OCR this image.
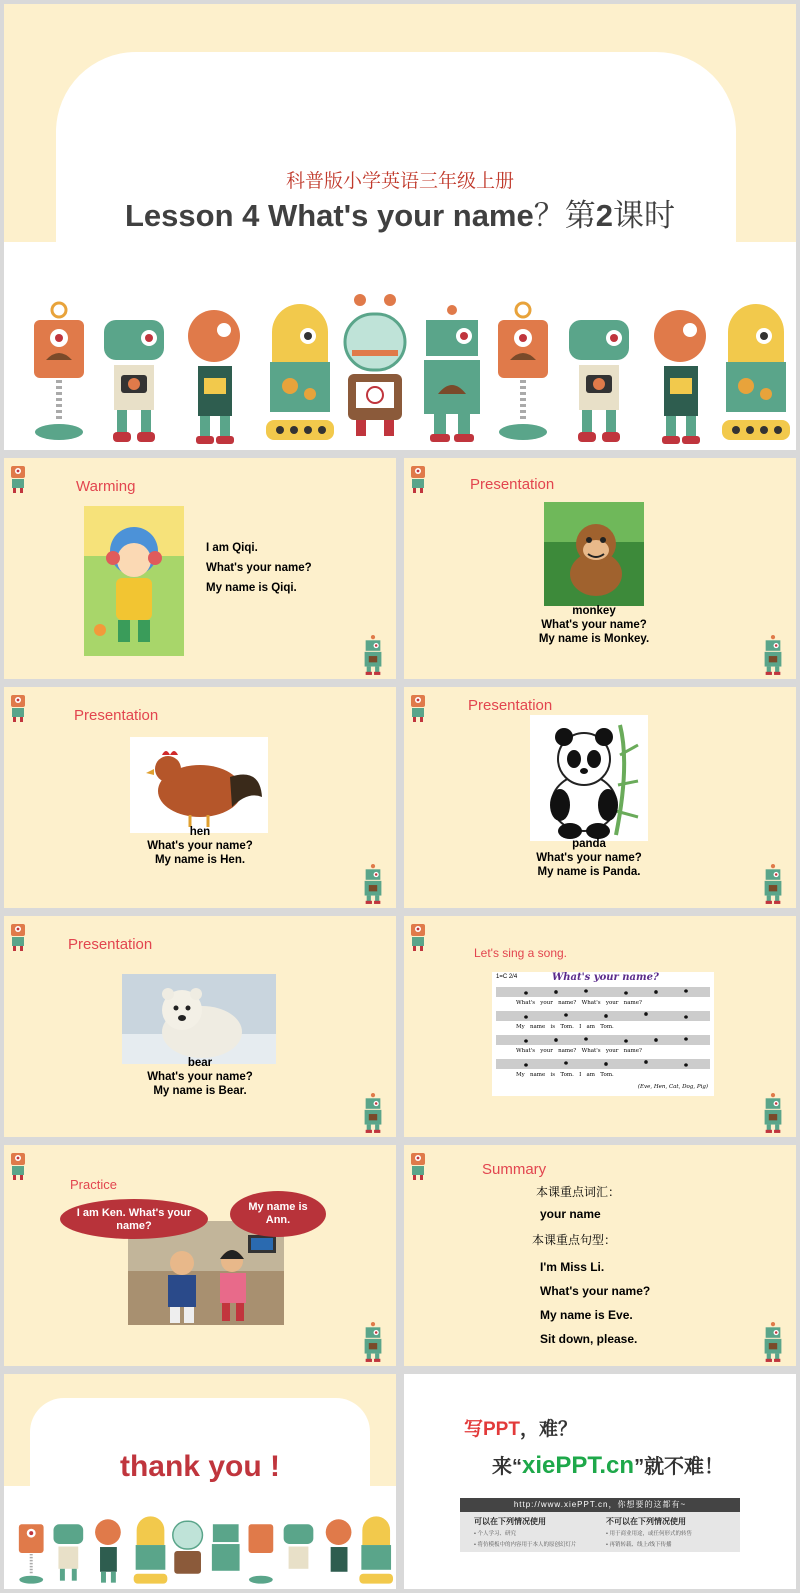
科普版小学英语三年级上册
Lesson 4 What's your name？第2课时
Warming
I am Qiqi.
What's your name?
My name is Qiqi.
Presentation
monkey
What's your name?
My name is Monkey.
Presentation
hen
What's your name?
My name is Hen.
Presentation
panda
What's your name?
My name is Panda.
Presentation
bear
What's your name?
My name is Bear.
Let's sing a song.
1=C 2/4	What's your name?
What's   your   name?   What's   your   name?
My   name   is   Tom.   I   am   Tom.
What's   your   name?   What's   your   name?
My   name   is   Tom.   I   am   Tom.
(Eve, Hen, Cat, Dog, Pig)
Practice
I am Ken. What's your name?
My name is Ann.
Summary
本课重点词汇：
your name
本课重点句型：
I'm Miss Li.
What's your name?
My name is Eve.
Sit down, please.
thank you !
写PPT，难？
来“xiePPT.cn”就不难！
http://www.xiePPT.cn，你想要的这都有~
可以在下列情况使用
• 个人学习、研究
• 将仿模板中的内容用于本人的原创幻灯片
不可以在下列情况使用
• 用于商业用途，或任何形式的转售
• 再销转载、线上/线下传播
